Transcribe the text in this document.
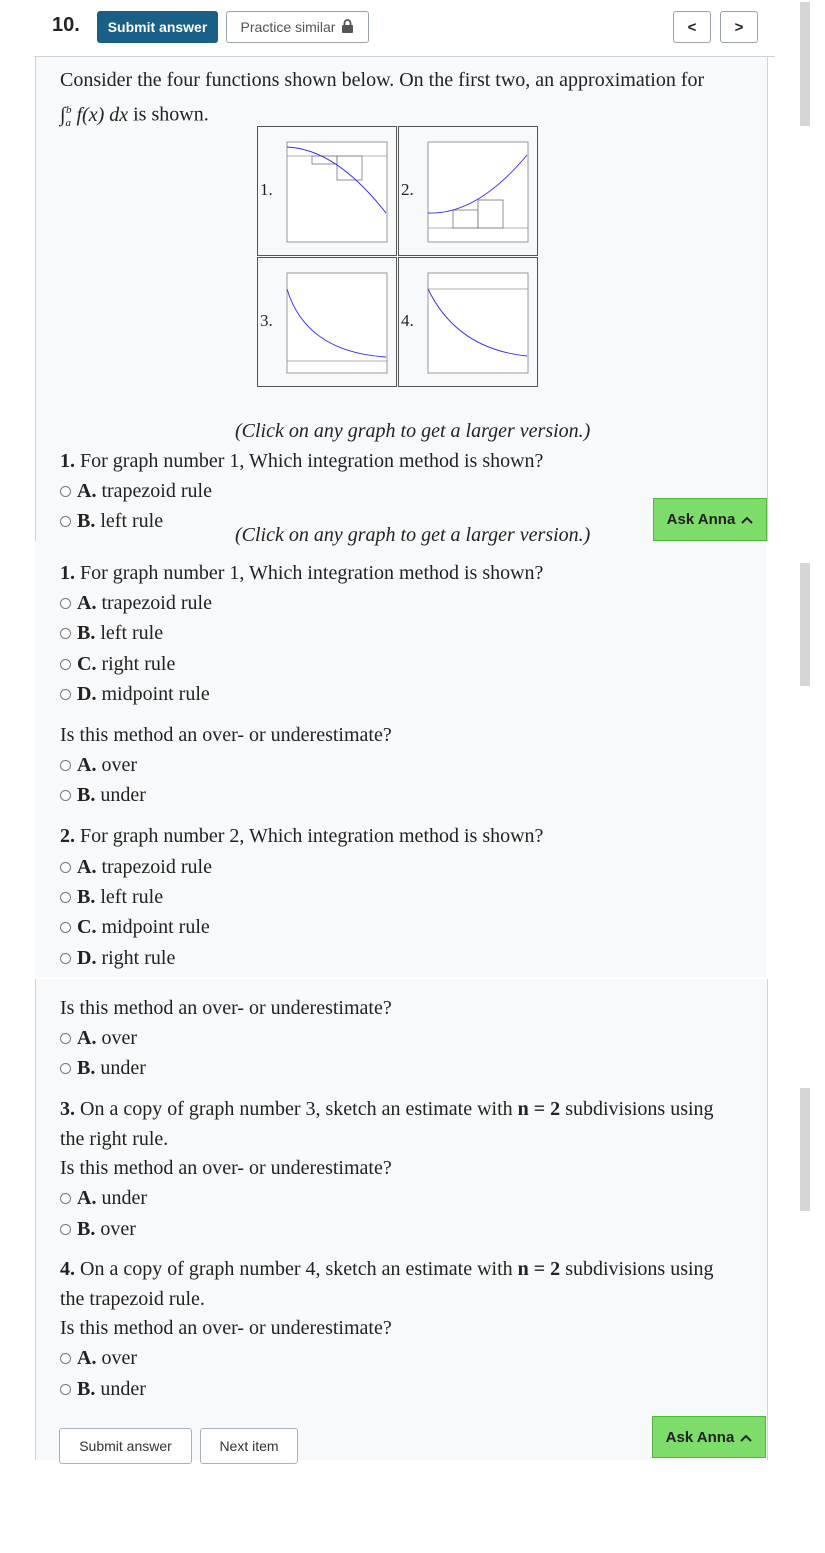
10.	Submit answer	Practice similar	<	>
Consider the four functions shown below. On the first two, an approximation for
$\int_a^b$ f(x) dx is shown.
1.	2.
3.	4.
(Click on any graph to get a larger version.)
1. For graph number 1, Which integration method is shown?
A.
trapezoid rule
B.
left rule	Ask Anna
(Click on any graph to get a larger version.)
1. For graph number 1, Which integration method is shown?
A.
trapezoid rule
B.
left rule
C.
right rule
D.
midpoint rule
Is this method an over- or underestimate?
A.
over
B.
under
2. For graph number 2, Which integration method is shown?
A.
trapezoid rule
B.
left rule
C.
midpoint rule
D.
right rule
Is this method an over- or underestimate?
A.
over
B.
under
3. On a copy of graph number 3, sketch an estimate with n = 2 subdivisions using
the right rule.
Is this method an over- or underestimate?
A.
under
B.
over
4. On a copy of graph number 4, sketch an estimate with n = 2 subdivisions using
the trapezoid rule.
Is this method an over- or underestimate?
A.
over
B.
under
Submit answer	Next item
Ask Anna
